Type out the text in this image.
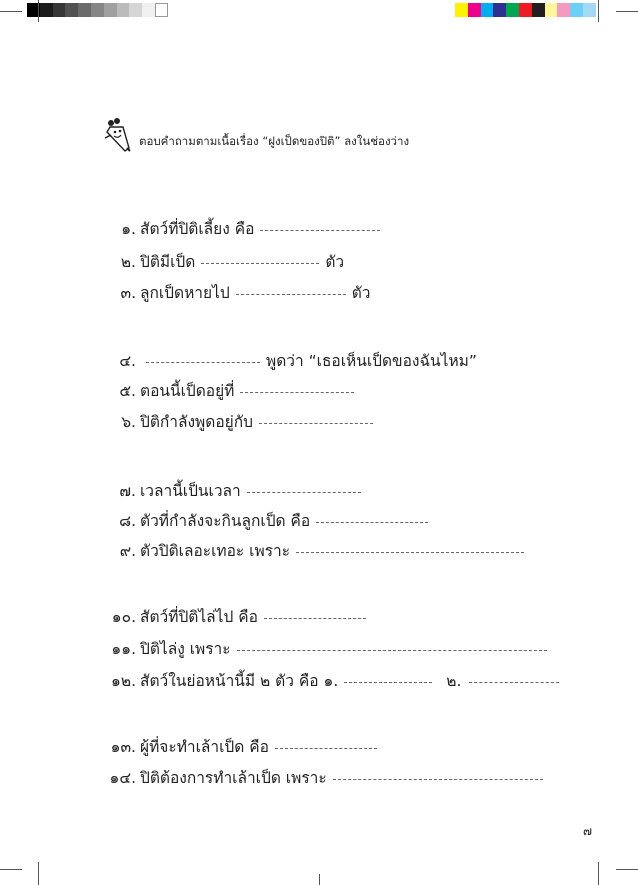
ตอบคำถามตามเนื้อเรื่อง “ฝูงเป็ดของปิติ” ลงในช่องว่าง
๑. สัตว์ที่ปิติเลี้ยง คือ
๒. ปิติมีเป็ด	ตัว
๓. ลูกเป็ดหายไป	ตัว
๔.	พูดว่า “เธอเห็นเป็ดของฉันไหม”
๕. ตอนนี้เป็ดอยู่ที่
๖. ปิติกำลังพูดอยู่กับ
๗. เวลานี้เป็นเวลา
๘. ตัวที่กำลังจะกินลูกเป็ด คือ
๙. ตัวปิติเลอะเทอะ เพราะ
๑๐. สัตว์ที่ปิติไล่ไป คือ
๑๑. ปิติไล่งู เพราะ
๑๒. สัตว์ในย่อหน้านี้มี ๒ ตัว คือ ๑.	๒.
๑๓. ผู้ที่จะทำเล้าเป็ด คือ
๑๔. ปิติต้องการทำเล้าเป็ด เพราะ
๗
